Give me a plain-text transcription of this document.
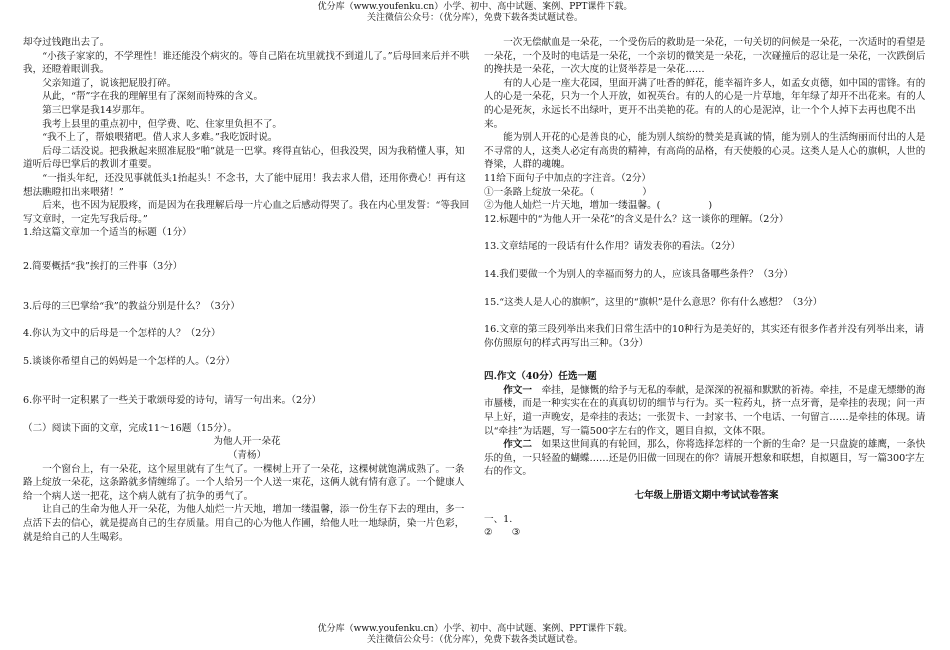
优分库（www.youfenku.cn）小学、初中、高中试题、案例、PPT课件下载。
关注微信公众号：（优分库），免费下载各类试题试卷。

却夺过钱跑出去了。

“小孩子家家的，不学理性！谁还能没个病灾的。等自己陷在坑里就找不到道儿了。”后母回来后并不哄我，还瞪着眼训我。

父亲知道了，说该把屁股打碎。

从此，“帮”字在我的理解里有了深刻而特殊的含义。

第三巴掌是我14岁那年。

我考上县里的重点初中，但学费、吃、住家里负担不了。

“我不上了，帮娘喂猪吧。借人求人多难。”我吃饭时说。

后母二话没说。把我揪起来照准屁股“啪”就是一巴掌。疼得直钻心，但我没哭，因为我稍懂人事，知道听后母巴掌后的教训才重要。

“一指头年纪，还没见事就低头1抬起头！不念书，大了能中屁用！我去求人借，还用你费心！再有这想法瞧瞪扣出来喂猪！”

后来，也不因为屁股疼，而是因为在我理解后母一片心血之后感动得哭了。我在内心里发誓：“等我回写文章时，一定先写我后母。”

1.给这篇文章加一个适当的标题（1分）

2.简要概括“我”挨打的三件事（3分）

3.后母的三巴掌给“我”的教益分别是什么？（3分）

4.你认为文中的后母是一个怎样的人？（2分）

5.谈谈你希望自己的妈妈是一个怎样的人。（2分）

6.你平时一定积累了一些关于歌颂母爱的诗句，请写一句出来。（2分）

（二）阅读下面的文章，完成11～16题（15分）。

为他人开一朵花

（青杨）

一个窗台上，有一朵花，这个屋里就有了生气了。一棵树上开了一朵花，这棵树就饱满成熟了。一条路上绽放一朵花，这条路就多情缠绵了。一个人给另一个人送一束花，这俩人就有情有意了。一个健康人给一个病人送一把花，这个病人就有了抗争的勇气了。

让自己的生命为他人开一朵花，为他人灿烂一片天地，增加一缕温馨，添一份生存下去的理由，多一点活下去的信心，就是提高自己的生存质量。用自己的心为他人作圃，给他人吐一地绿荫，染一片色彩，就是给自己的人生喝彩。

一次无偿献血是一朵花，一个受伤后的救助是一朵花，一句关切的问候是一朵花，一次适时的看望是一朵花，一个及时的电话是一朵花，一个亲切的微笑是一朵花，一次碰撞后的忍让是一朵花，一次跌倒后的搀扶是一朵花，一次大度的让贤举荐是一朵花……

有的人心是一座大花园，里面开满了吐香的鲜花，能幸福许多人，如孟女贞德，如中国的雷锋。有的人的心是一朵花，只为一个人开放，如祝英台。有的人的心是一片草地，年年绿了却开不出花来。有的人的心是死灰，永远长不出绿叶，更开不出美艳的花。有的人的心是泥淖，让一个个人掉下去再也爬不出来。

能为别人开花的心是善良的心，能为别人缤纷的赞美是真诚的情，能为别人的生活绚丽而付出的人是不寻常的人，这类人必定有高贵的精神，有高尚的品格，有天使般的心灵。这类人是人心的旗帜，人世的脊梁，人群的魂魄。

11给下面句子中加点的字注音。（2分）

①一条路上绽放一朵花。（　　　　　）

②为他人灿烂一片天地，增加一缕温馨。(　　　　　)

12.标题中的“为他人开一朵花”的含义是什么？这一谈你的理解。（2分）

13.文章结尾的一段话有什么作用？请发表你的看法。（2分）

14.我们要做一个为别人的幸福而努力的人，应该具备哪些条件？（3分）

15.“这类人是人心的旗帜”，这里的“旗帜”是什么意思？你有什么感想？（3分）

16.文章的第三段列举出来我们日常生活中的10种行为是美好的，其实还有很多作者并没有列举出来，请你仿照原句的样式再写出三种。（3分）

四.作文（40分）任选一题

作文一　 牵挂，是慷慨的给予与无私的奉献，是深深的祝福和默默的祈祷。牵挂，不是虚无缥缈的海市蜃楼，而是一种实实在在的真真切切的细节与行为。买一粒药丸，挤一点牙膏，是牵挂的表现；问一声早上好，道一声晚安，是牵挂的表达；一张贺卡、一封家书、一个电话、一句留言……是牵挂的体现。请以“牵挂”为话题，写一篇500字左右的作文，题目自拟，文体不限。

作文二　 如果这世间真的有轮回，那么，你将选择怎样的一个新的生命？是一只盘旋的雄鹰，一条快乐的鱼，一只轻盈的蝴蝶……还是仍旧做一回现在的你？请展开想象和联想，自拟题目，写一篇300字左右的作文。

七年级上册语文期中考试试卷答案

一、1.

②　　③

优分库（www.youfenku.cn）小学、初中、高中试题、案例、PPT课件下载。
关注微信公众号：（优分库），免费下载各类试题试卷。
